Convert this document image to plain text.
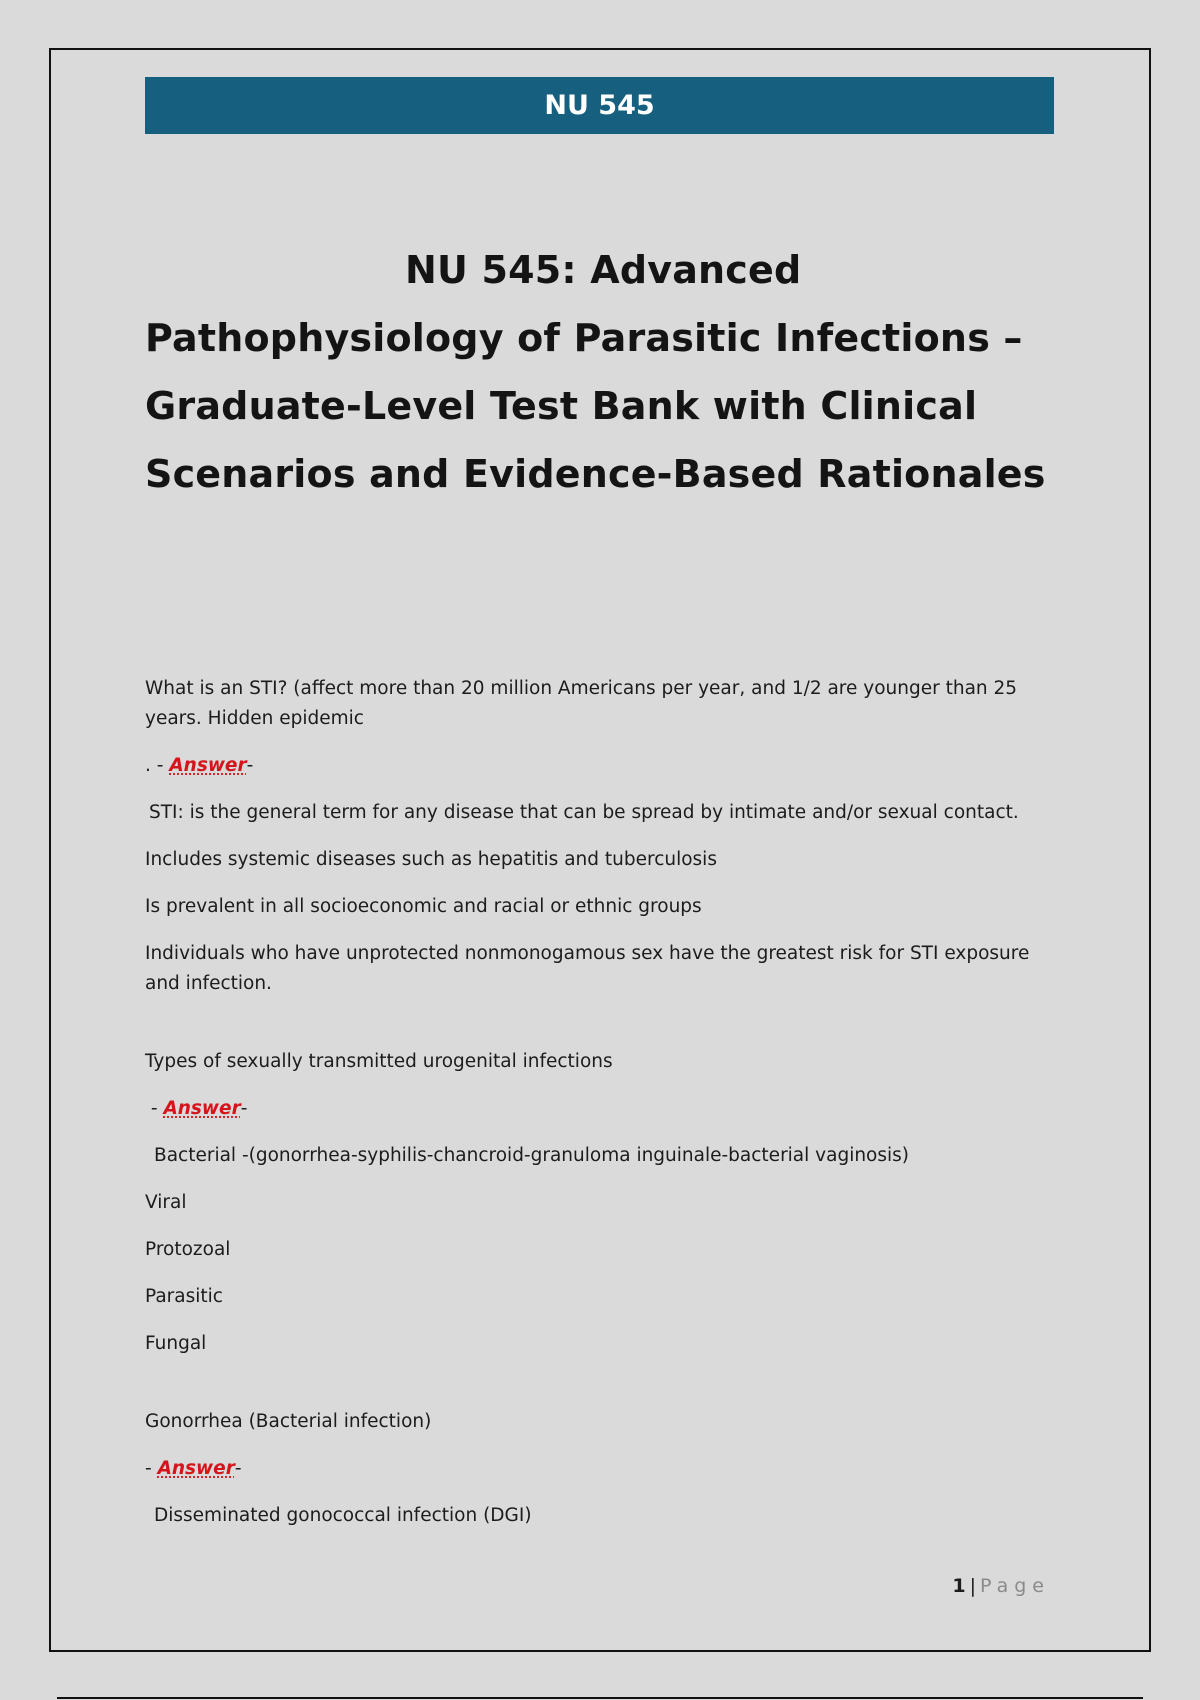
NU 545
NU 545: Advanced
Pathophysiology of Parasitic Infections –
Graduate-Level Test Bank with Clinical
Scenarios and Evidence-Based Rationales

What is an STI? (affect more than 20 million Americans per year, and 1/2 are younger than 25 years. Hidden epidemic

. - Answer-

STI: is the general term for any disease that can be spread by intimate and/or sexual contact.

Includes systemic diseases such as hepatitis and tuberculosis

Is prevalent in all socioeconomic and racial or ethnic groups

Individuals who have unprotected nonmonogamous sex have the greatest risk for STI exposure and infection.

Types of sexually transmitted urogenital infections

- Answer-

Bacterial -(gonorrhea-syphilis-chancroid-granuloma inguinale-bacterial vaginosis)

Viral

Protozoal

Parasitic

Fungal

Gonorrhea (Bacterial infection)

- Answer-

Disseminated gonococcal infection (DGI)

1 | Page
